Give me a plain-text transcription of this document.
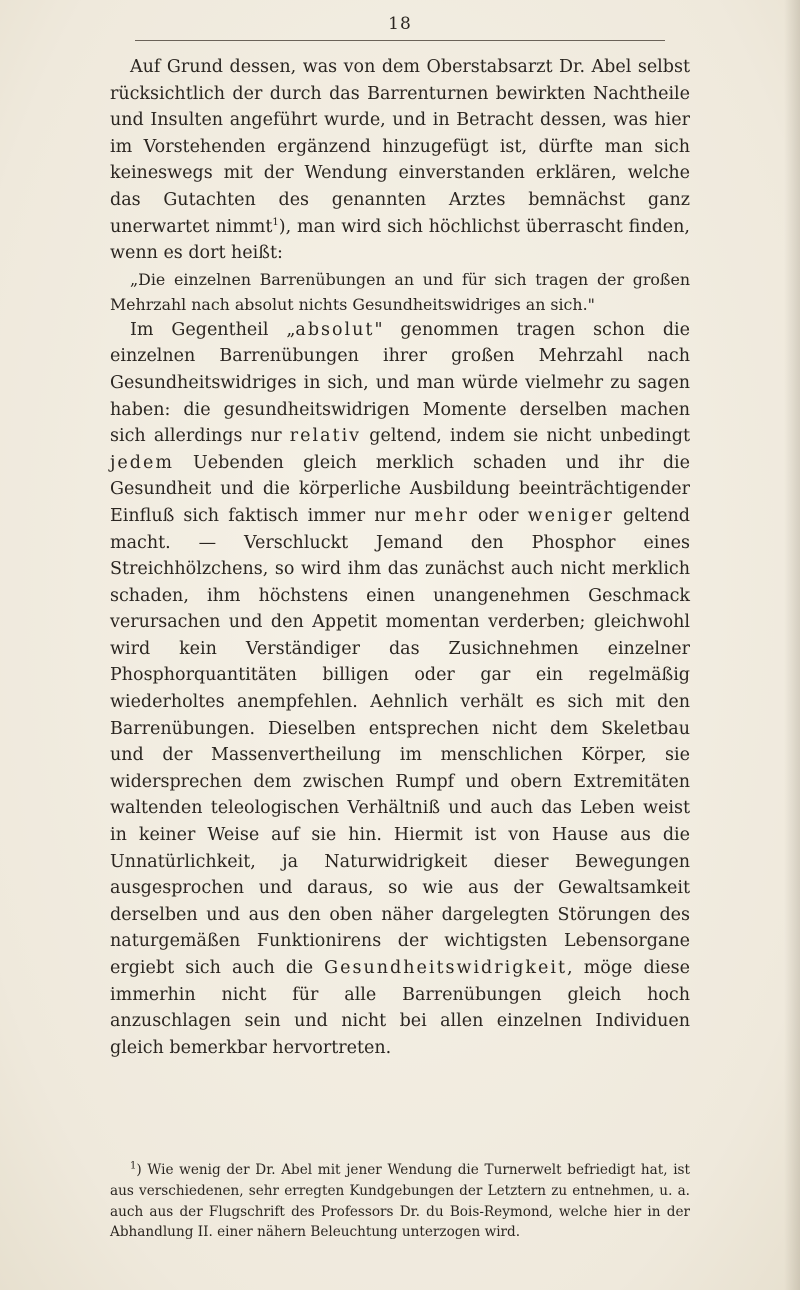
18

Auf Grund dessen, was von dem Oberstabsarzt Dr. Abel selbst rücksichtlich der durch das Barrenturnen bewirkten Nachtheile und Insulten angeführt wurde, und in Betracht dessen, was hier im Vorstehenden ergänzend hinzugefügt ist, dürfte man sich keineswegs mit der Wendung einverstanden erklären, welche das Gutachten des genannten Arztes bemnächst ganz unerwartet nimmt$^1$), man wird sich höchlichst überrascht finden, wenn es dort heißt:

„Die einzelnen Barrenübungen an und für sich tragen der großen Mehrzahl nach absolut nichts Gesundheitswidriges an sich."

Im Gegentheil „absolut" genommen tragen schon die einzelnen Barrenübungen ihrer großen Mehrzahl nach Gesundheitswidriges in sich, und man würde vielmehr zu sagen haben: die gesundheitswidrigen Momente derselben machen sich allerdings nur relativ geltend, indem sie nicht unbedingt jedem Uebenden gleich merklich schaden und ihr die Gesundheit und die körperliche Ausbildung beeinträchtigender Einfluß sich faktisch immer nur mehr oder weniger geltend macht. — Verschluckt Jemand den Phosphor eines Streichhölzchens, so wird ihm das zunächst auch nicht merklich schaden, ihm höchstens einen unangenehmen Geschmack verursachen und den Appetit momentan verderben; gleichwohl wird kein Verständiger das Zusichnehmen einzelner Phosphorquantitäten billigen oder gar ein regelmäßig wiederholtes anempfehlen. Aehnlich verhält es sich mit den Barrenübungen. Dieselben entsprechen nicht dem Skeletbau und der Massenvertheilung im menschlichen Körper, sie widersprechen dem zwischen Rumpf und obern Extremitäten waltenden teleologischen Verhältniß und auch das Leben weist in keiner Weise auf sie hin. Hiermit ist von Hause aus die Unnatürlichkeit, ja Naturwidrigkeit dieser Bewegungen ausgesprochen und daraus, so wie aus der Gewaltsamkeit derselben und aus den oben näher dargelegten Störungen des naturgemäßen Funktionirens der wichtigsten Lebensorgane ergiebt sich auch die Gesundheitswidrigkeit, möge diese immerhin nicht für alle Barrenübungen gleich hoch anzuschlagen sein und nicht bei allen einzelnen Individuen gleich bemerkbar hervortreten.

$^1$) Wie wenig der Dr. Abel mit jener Wendung die Turnerwelt befriedigt hat, ist aus verschiedenen, sehr erregten Kundgebungen der Letztern zu entnehmen, u. a. auch aus der Flugschrift des Professors Dr. du Bois-Reymond, welche hier in der Abhandlung II. einer nähern Beleuchtung unterzogen wird.
